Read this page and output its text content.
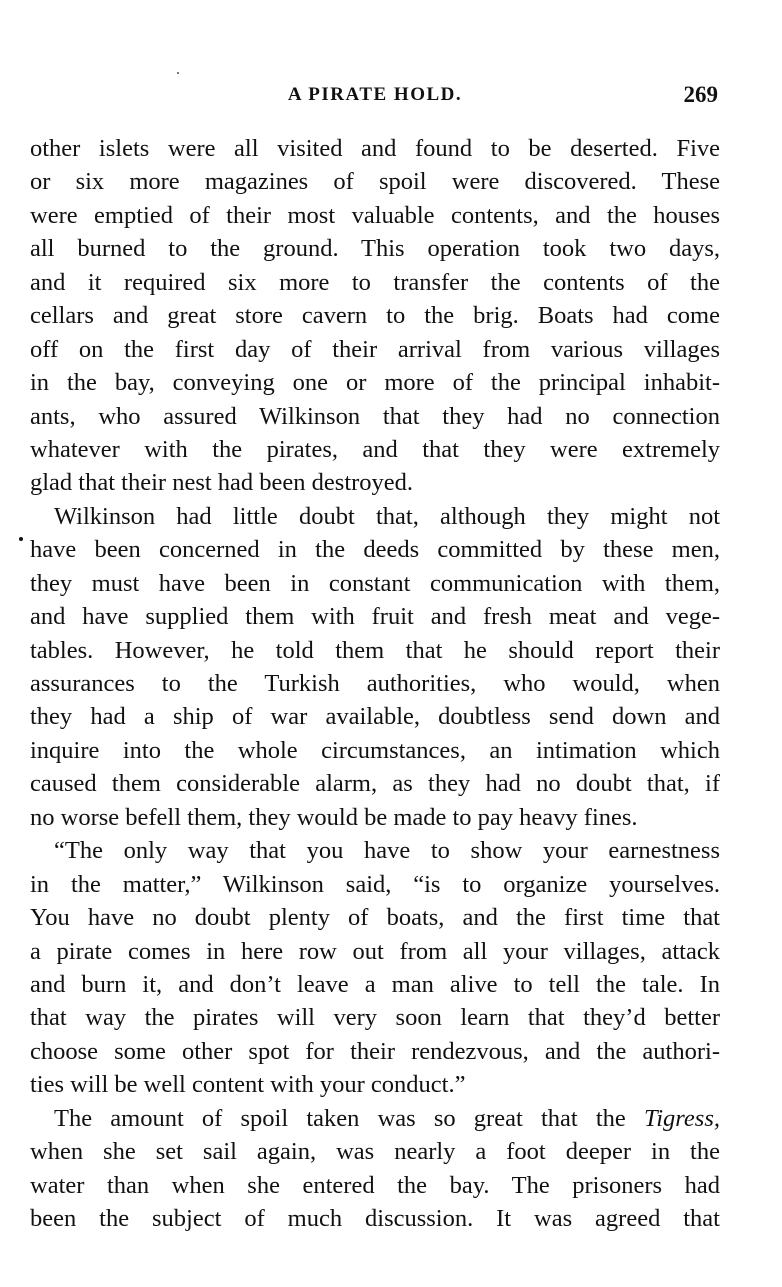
A PIRATE HOLD.	269
other islets were all visited and found to be deserted. Five
or six more magazines of spoil were discovered. These
were emptied of their most valuable contents, and the houses
all burned to the ground. This operation took two days,
and it required six more to transfer the contents of the
cellars and great store cavern to the brig. Boats had come
off on the first day of their arrival from various villages
in the bay, conveying one or more of the principal inhabit-
ants, who assured Wilkinson that they had no connection
whatever with the pirates, and that they were extremely
glad that their nest had been destroyed.
Wilkinson had little doubt that, although they might not
have been concerned in the deeds committed by these men,
they must have been in constant communication with them,
and have supplied them with fruit and fresh meat and vege-
tables. However, he told them that he should report their
assurances to the Turkish authorities, who would, when
they had a ship of war available, doubtless send down and
inquire into the whole circumstances, an intimation which
caused them considerable alarm, as they had no doubt that, if
no worse befell them, they would be made to pay heavy fines.
“The only way that you have to show your earnestness
in the matter,” Wilkinson said, “is to organize yourselves.
You have no doubt plenty of boats, and the first time that
a pirate comes in here row out from all your villages, attack
and burn it, and don’t leave a man alive to tell the tale. In
that way the pirates will very soon learn that they’d better
choose some other spot for their rendezvous, and the authori-
ties will be well content with your conduct.”
The amount of spoil taken was so great that the Tigress,
when she set sail again, was nearly a foot deeper in the
water than when she entered the bay. The prisoners had
been the subject of much discussion. It was agreed that
